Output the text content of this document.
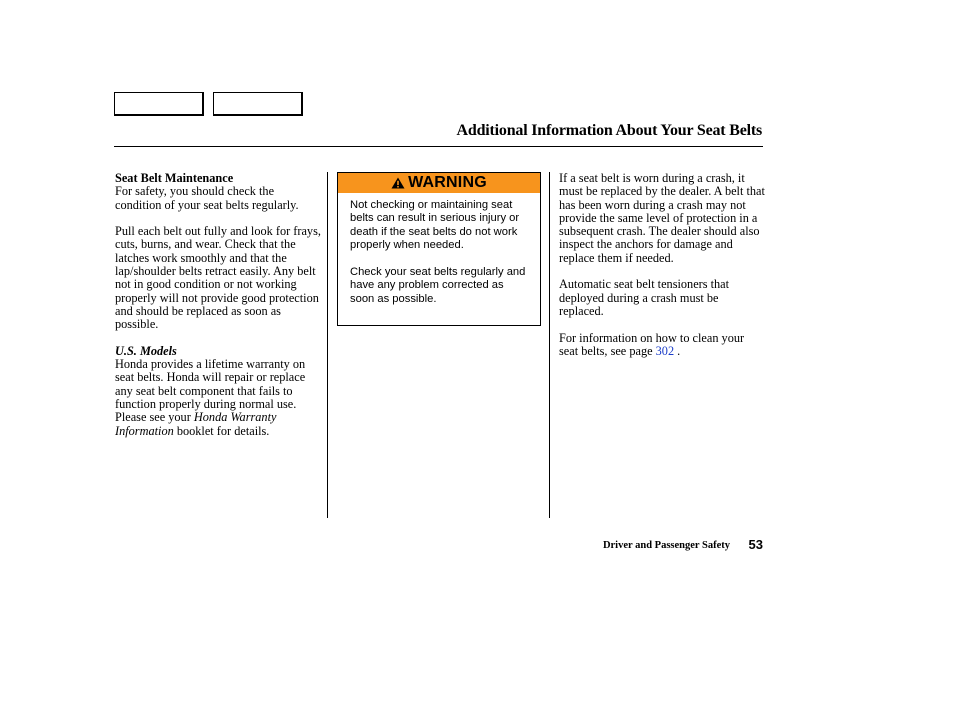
Additional Information About Your Seat Belts
Seat Belt Maintenance

For safety, you should check the condition of your seat belts regularly.

Pull each belt out fully and look for frays, cuts, burns, and wear. Check that the latches work smoothly and that the lap/shoulder belts retract easily. Any belt not in good condition or not working properly will not provide good protection and should be replaced as soon as possible.

U.S. Models

Honda provides a lifetime warranty on seat belts. Honda will repair or replace any seat belt component that fails to function properly during normal use. Please see your Honda Warranty Information booklet for details.

WARNING

Not checking or maintaining seat belts can result in serious injury or death if the seat belts do not work properly when needed.

Check your seat belts regularly and have any problem corrected as soon as possible.

If a seat belt is worn during a crash, it must be replaced by the dealer. A belt that has been worn during a crash may not provide the same level of protection in a subsequent crash. The dealer should also inspect the anchors for damage and replace them if needed.

Automatic seat belt tensioners that deployed during a crash must be replaced.

For information on how to clean your seat belts, see page 302 .

Driver and Passenger Safety 53
